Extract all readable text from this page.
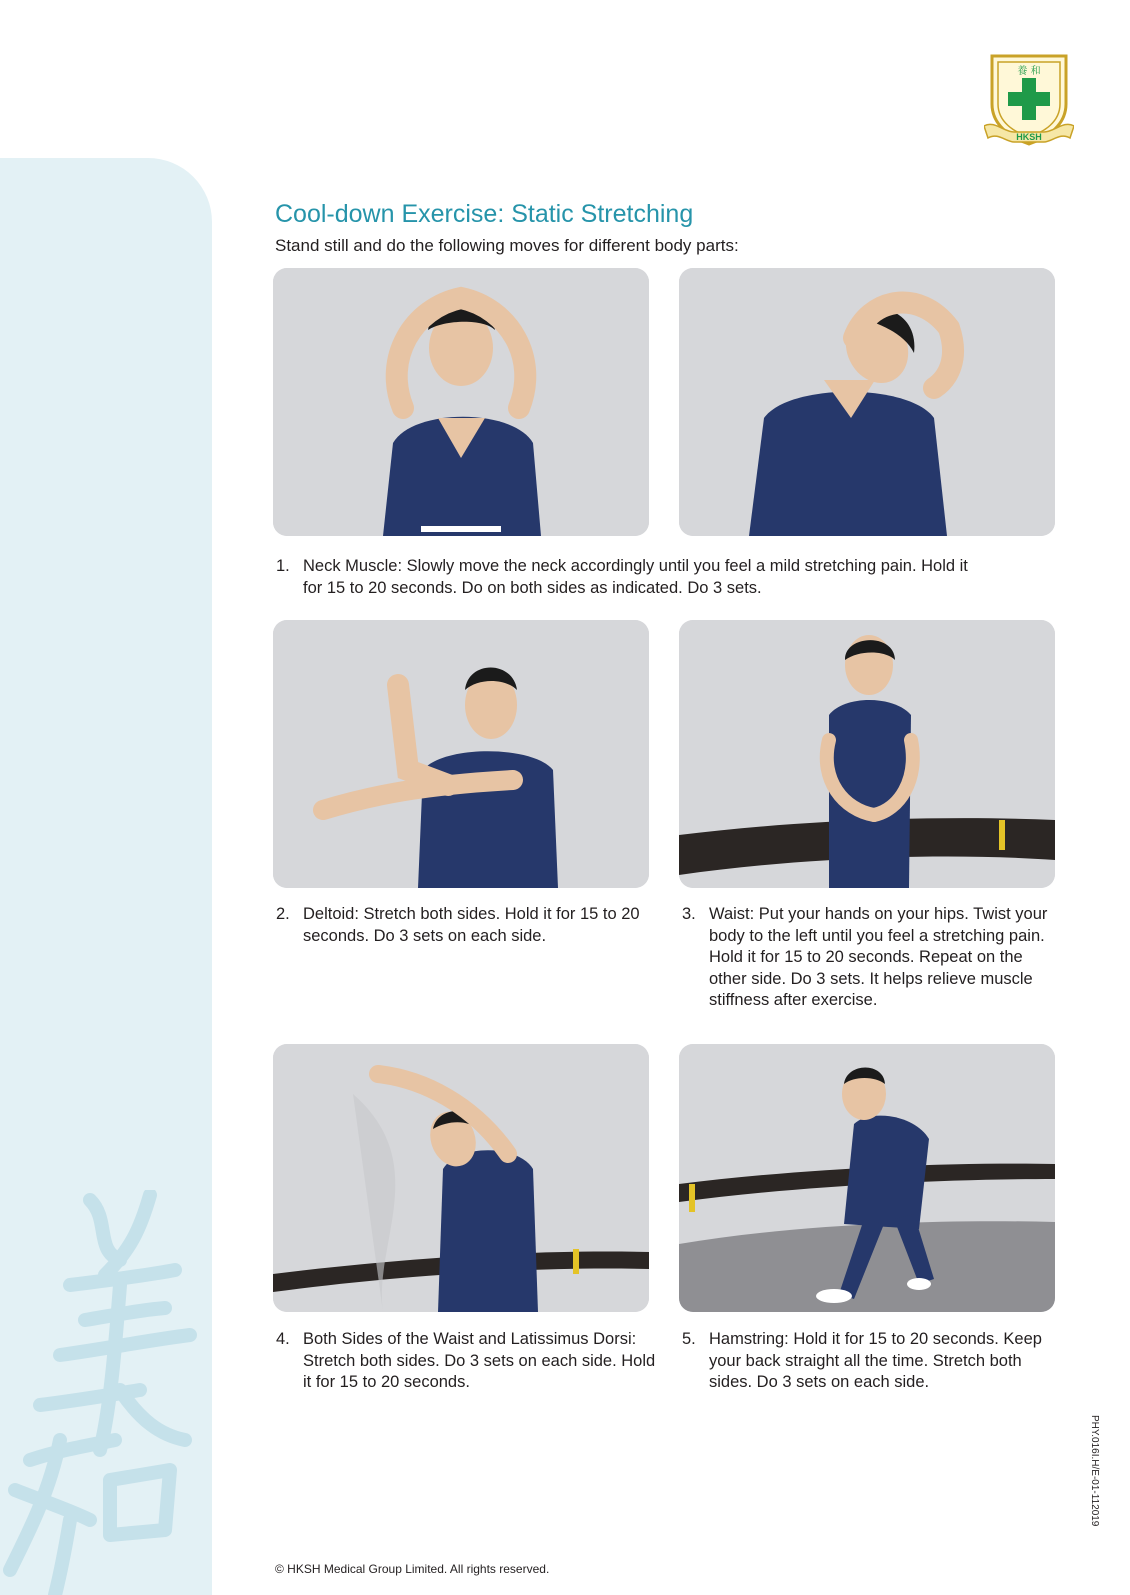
養 和
HKSH
Cool-down Exercise: Static Stretching

Stand still and do the following moves for different body parts:

1. Neck Muscle: Slowly move the neck accordingly until you feel a mild stretching pain. Hold it for 15 to 20 seconds. Do on both sides as indicated. Do 3 sets.
2. Deltoid: Stretch both sides. Hold it for 15 to 20 seconds. Do 3 sets on each side.
3. Waist: Put your hands on your hips. Twist your body to the left until you feel a stretching pain. Hold it for 15 to 20 seconds. Repeat on the other side. Do 3 sets. It helps relieve muscle stiffness after exercise.
4. Both Sides of the Waist and Latissimus Dorsi: Stretch both sides. Do 3 sets on each side. Hold it for 15 to 20 seconds.
5. Hamstring: Hold it for 15 to 20 seconds. Keep your back straight all the time. Stretch both sides. Do 3 sets on each side.

© HKSH Medical Group Limited. All rights reserved.

PHY.016I.H/E-01-112019
